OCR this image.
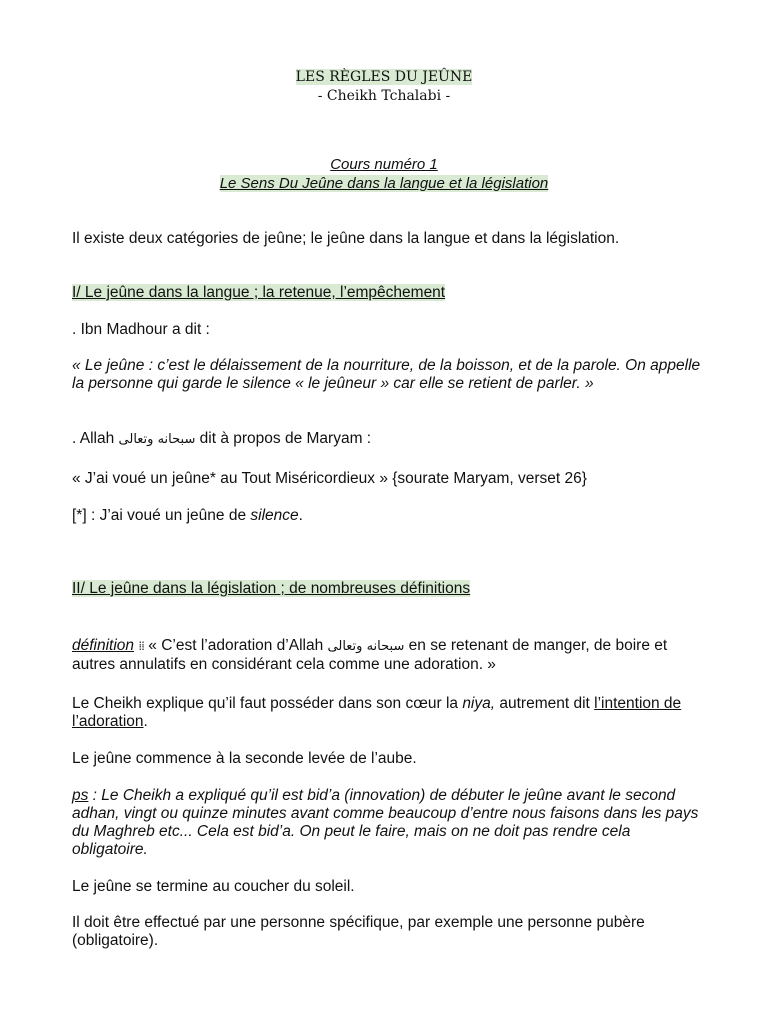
LES RÈGLES DU JEÛNE
- Cheikh Tchalabi -
Cours numéro 1
Le Sens Du Jeûne dans la langue et la législation
Il existe deux catégories de jeûne; le jeûne dans la langue et dans la législation.
I/ Le jeûne dans la langue ; la retenue, l’empêchement
. Ibn Madhour a dit :
« Le jeûne : c’est le délaissement de la nourriture, de la boisson, et de la parole. On appelle la personne qui garde le silence « le jeûneur » car elle se retient de parler. »
. Allah سبحانه وتعالى dit à propos de Maryam :
« J’ai voué un jeûne* au Tout Miséricordieux » {sourate Maryam, verset 26}
[*] : J’ai voué un jeûne de silence.
II/ Le jeûne dans la législation ; de nombreuses définitions
définition ⁞⁞ « C’est l’adoration d’Allah سبحانه وتعالى en se retenant de manger, de boire et autres annulatifs en considérant cela comme une adoration. »
Le Cheikh explique qu’il faut posséder dans son cœur la niya, autrement dit l’intention de l’adoration.
Le jeûne commence à la seconde levée de l’aube.
ps : Le Cheikh a expliqué qu’il est bid’a (innovation) de débuter le jeûne avant le second adhan, vingt ou quinze minutes avant comme beaucoup d’entre nous faisons dans les pays du Maghreb etc... Cela est bid’a. On peut le faire, mais on ne doit pas rendre cela obligatoire.
Le jeûne se termine au coucher du soleil.
Il doit être effectué par une personne spécifique, par exemple une personne pubère (obligatoire).
